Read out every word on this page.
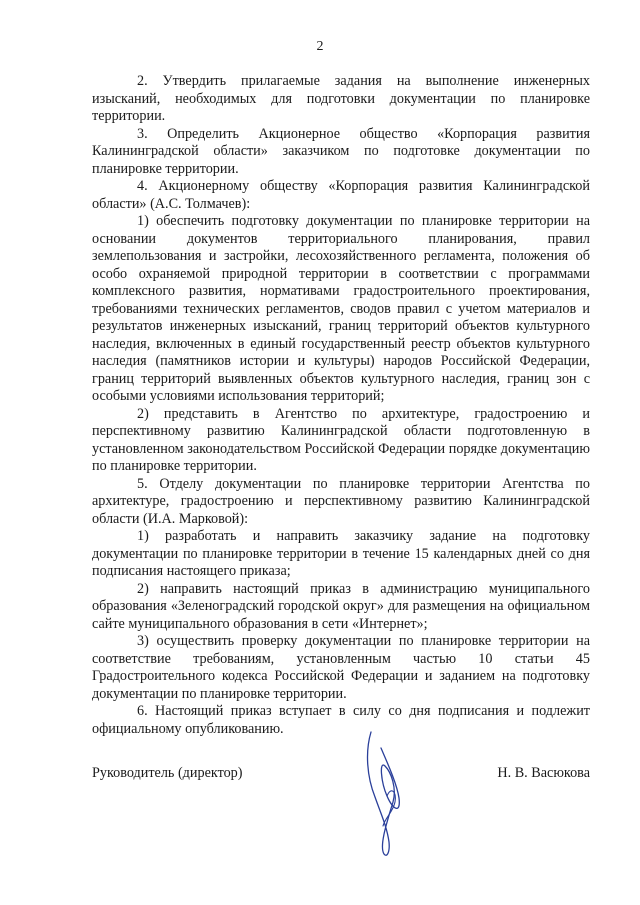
2

2. Утвердить прилагаемые задания на выполнение инженерных изысканий, необходимых для подготовки документации по планировке территории.

3. Определить Акционерное общество «Корпорация развития Калининградской области» заказчиком по подготовке документации по планировке территории.

4. Акционерному обществу «Корпорация развития Калининградской области» (А.С. Толмачев):

1) обеспечить подготовку документации по планировке территории на основании документов территориального планирования, правил землепользования и застройки, лесохозяйственного регламента, положения об особо охраняемой природной территории в соответствии с программами комплексного развития, нормативами градостроительного проектирования, требованиями технических регламентов, сводов правил с учетом материалов и результатов инженерных изысканий, границ территорий объектов культурного наследия, включенных в единый государственный реестр объектов культурного наследия (памятников истории и культуры) народов Российской Федерации, границ территорий выявленных объектов культурного наследия, границ зон с особыми условиями использования территорий;

2) представить в Агентство по архитектуре, градостроению и перспективному развитию Калининградской области подготовленную в установленном законодательством Российской Федерации порядке документацию по планировке территории.

5. Отделу документации по планировке территории Агентства по архитектуре, градостроению и перспективному развитию Калининградской области (И.А. Марковой):

1) разработать и направить заказчику задание на подготовку документации по планировке территории в течение 15 календарных дней со дня подписания настоящего приказа;

2) направить настоящий приказ в администрацию муниципального образования «Зеленоградский городской округ» для размещения на официальном сайте муниципального образования в сети «Интернет»;

3) осуществить проверку документации по планировке территории на соответствие требованиям, установленным частью 10 статьи 45 Градостроительного кодекса Российской Федерации и заданием на подготовку документации по планировке территории.

6. Настоящий приказ вступает в силу со дня подписания и подлежит официальному опубликованию.

Руководитель (директор)	Н. В. Васюкова
